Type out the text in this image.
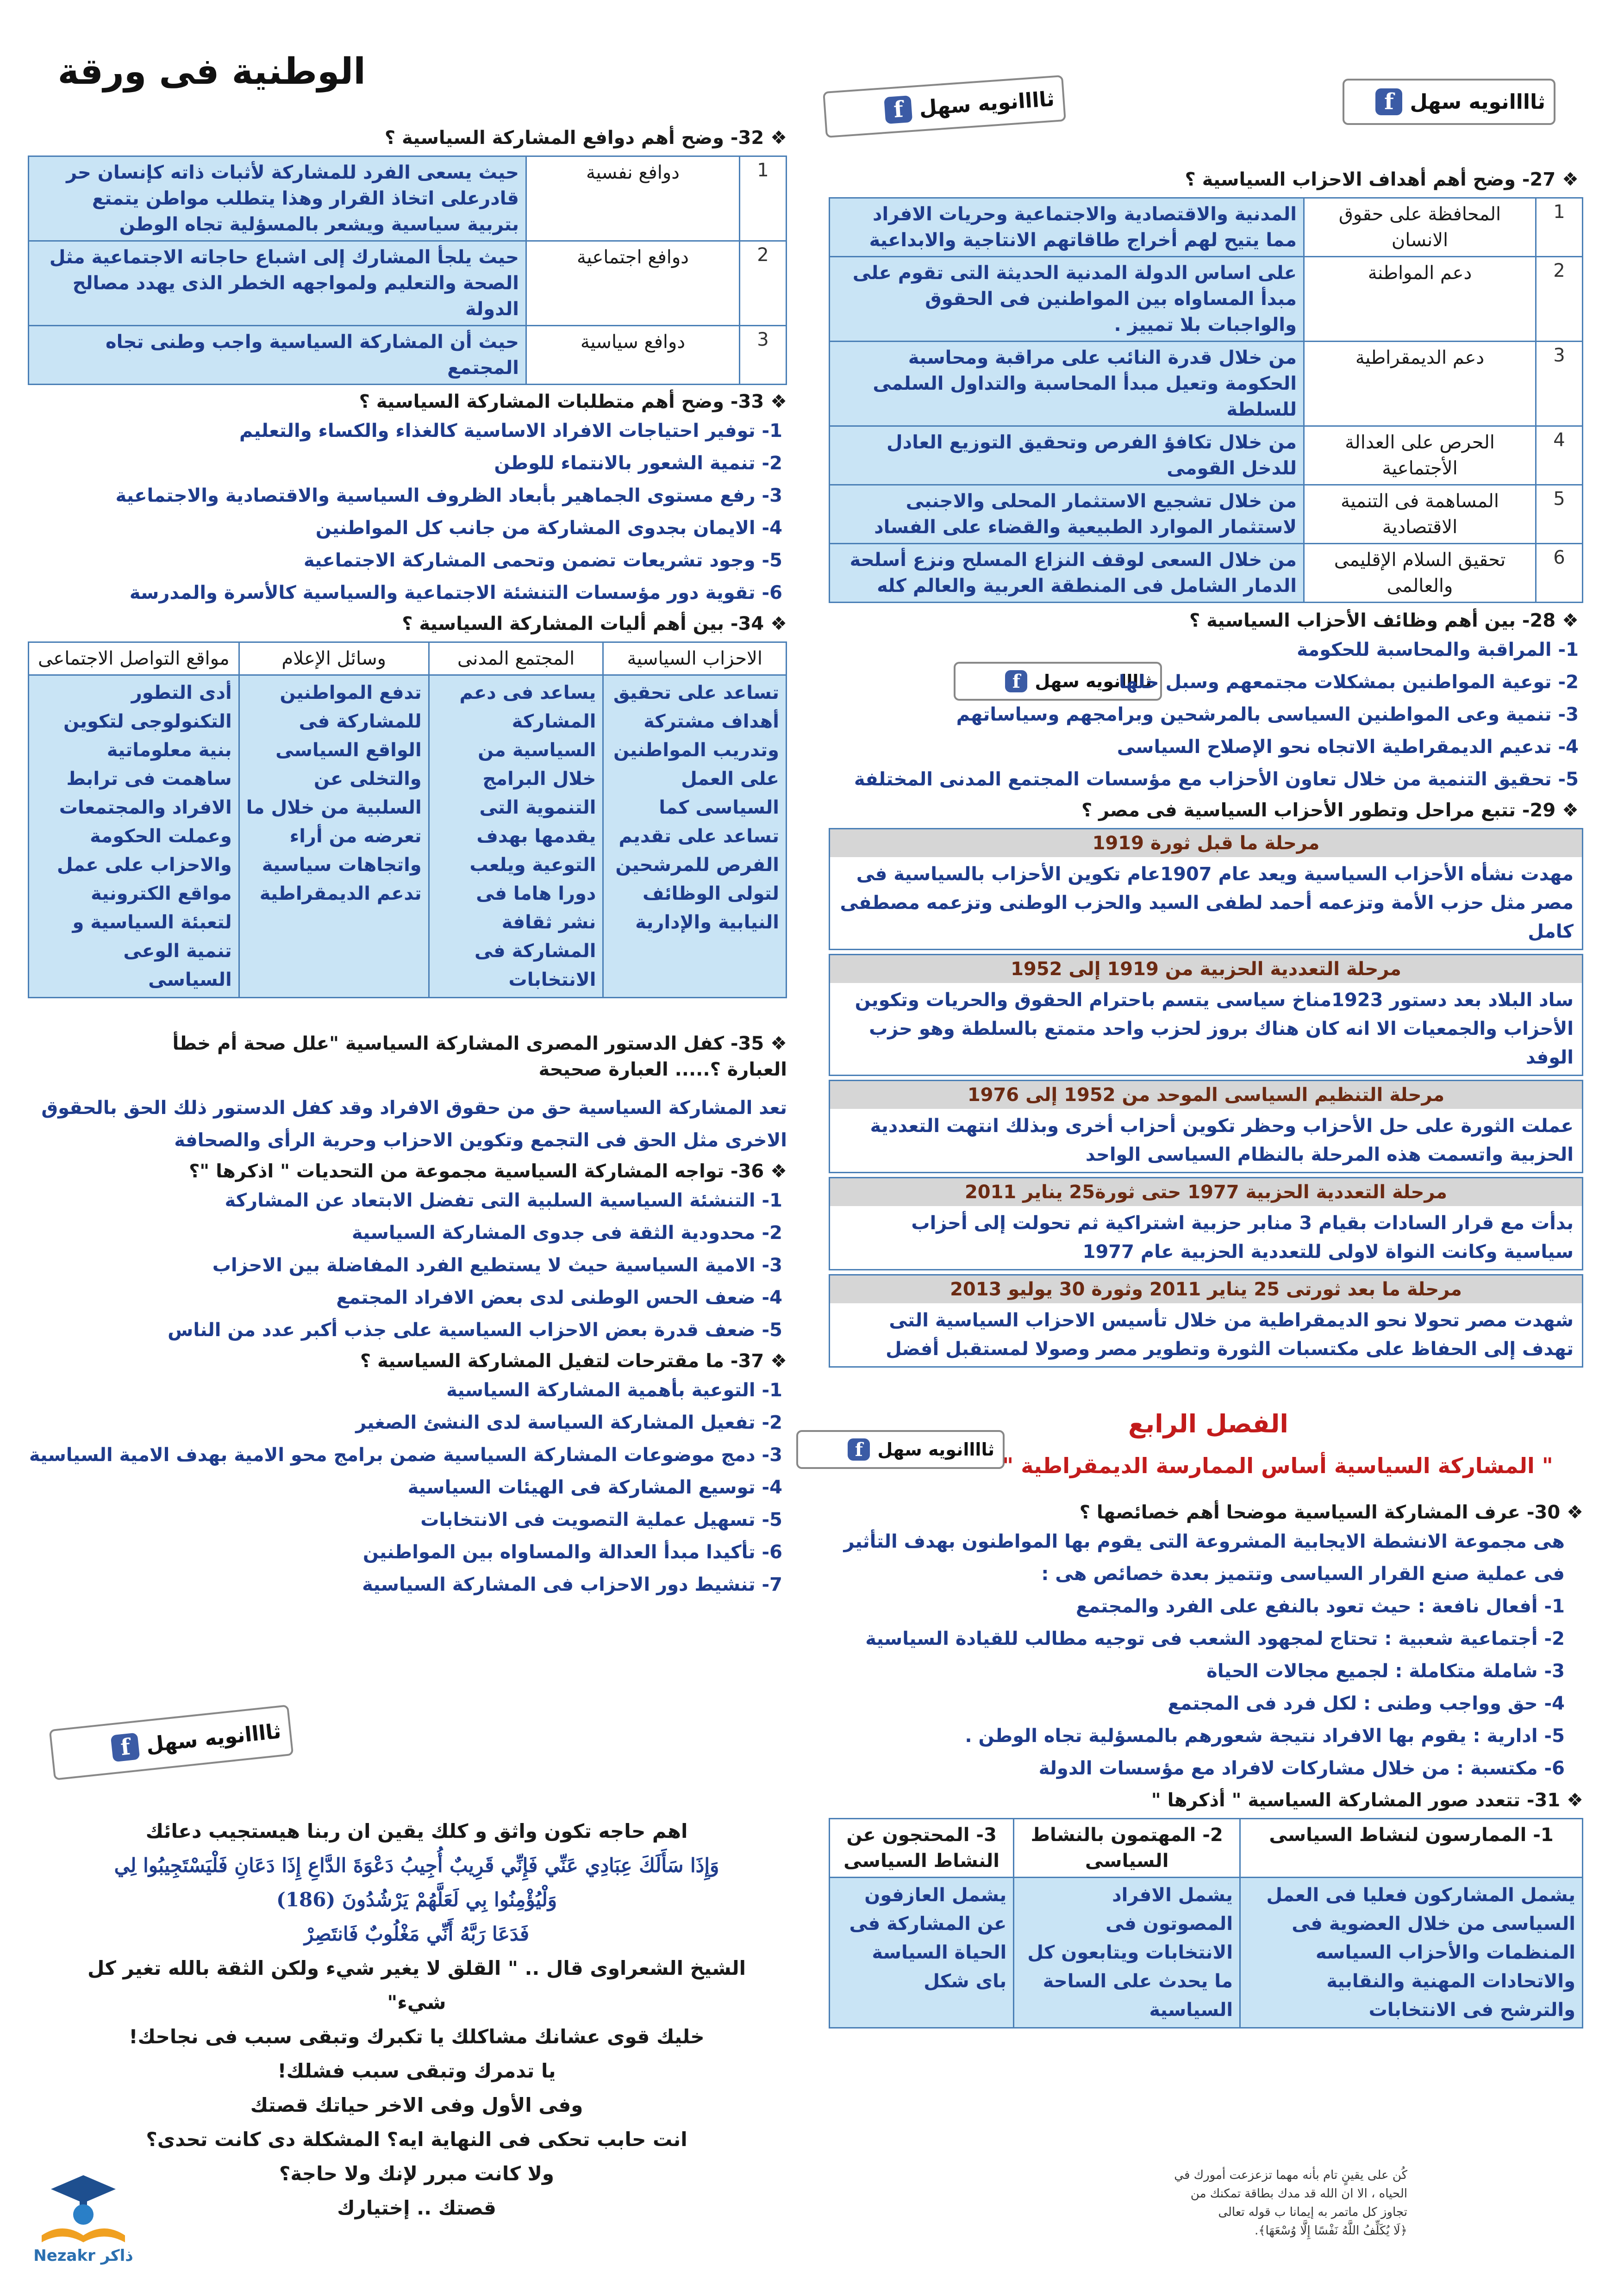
الوطنية فى ورقة
ثاااانويه سهل
f
ثاااانويه سهل
f
ثاااانويه سهل
f
ثاااانويه سهل
f
ثاااانويه سهل
f

❖ 27- وضح أهم أهداف الاحزاب السياسية ؟

1	المحافظة على حقوق الانسان	المدنية والاقتصادية والاجتماعية وحريات الافراد مما يتيح لهم أخراج طاقاتهم الانتاجية والابداعية
2	دعم المواطنة	على اساس الدولة المدنية الحديثة التى تقوم على مبدأ المساواه بين المواطنين فى الحقوق والواجبات بلا تمييز .
3	دعم الديمقراطية	من خلال قدرة النائب على مراقبة ومحاسبة الحكومة وتعيل مبدأ المحاسبة والتداول السلمى للسلطة
4	الحرص على العدالة الأجتماعية	من خلال تكافؤ الفرص وتحقيق التوزيع العادل للدخل القومى
5	المساهمة فى التنمية الاقتصادية	من خلال تشجيع الاستثمار المحلى والاجنبى لاستثمار الموارد الطبيعية والقضاء على الفساد
6	تحقيق السلام الإقليمى والعالمى	من خلال السعى لوقف النزاع المسلح ونزع أسلحة الدمار الشامل فى المنطقة العربية والعالم كله

❖ 28- بين أهم وظائف الأحزاب السياسية ؟

1- المراقبة والمحاسبة للحكومة
2- توعية المواطنين بمشكلات مجتمعهم وسبل حلها
3- تنمية وعى المواطنين السياسى بالمرشحين وبرامجهم وسياساتهم
4- تدعيم الديمقراطية الاتجاه نحو الإصلاح السياسى
5- تحقيق التنمية من خلال تعاون الأحزاب مع مؤسسات المجتمع المدنى المختلفة

❖ 29- تتبع مراحل وتطور الأحزاب السياسية فى مصر ؟

مرحلة ما قبل ثورة 1919
مهدت نشأه الأحزاب السياسية ويعد عام 1907عام تكوين الأحزاب بالسياسية فى مصر مثل حزب الأمة وتزعمه أحمد لطفى السيد والحزب الوطنى وتزعمه مصطفى كامل
مرحلة التعددية الحزبية من 1919 إلى 1952
ساد البلاد بعد دستور 1923مناخ سياسى يتسم باحترام الحقوق والحريات وتكوين الأحزاب والجمعيات الا انه كان هناك بروز لحزب واحد متمتع بالسلطة وهو حزب الوفد
مرحلة التنظيم السياسى الموحد من 1952 إلى 1976
عملت الثورة على حل الأحزاب وحظر تكوين أحزاب أخرى وبذلك انتهت التعددية الحزبية واتسمت هذه المرحلة بالنظام السياسى الواحد
مرحلة التعددية الحزبية 1977 حتى ثورة25 يناير 2011
بدأت مع قرار السادات بقيام 3 منابر حزبية اشتراكية ثم تحولت إلى أحزاب سياسية وكانت النواة لاولى للتعددية الحزبية عام 1977
مرحلة ما بعد ثورتى 25 يناير 2011 وثورة 30 يوليو 2013
شهدت مصر تحولا نحو الديمقراطية من خلال تأسيس الاحزاب السياسية التى تهدف إلى الحفاظ على مكتسبات الثورة وتطوير مصر وصولا لمستقبل أفضل
الفصل الرابع
" المشاركة السياسية أساس الممارسة الديمقراطية "

❖ 30- عرف المشاركة السياسية موضحا أهم خصائصها ؟

هى مجموعة الانشطة الايجابية المشروعة التى يقوم بها المواطنون بهدف التأثير فى عملية صنع القرار السياسى وتتميز بعدة خصائص هى :
1- أفعال نافعة : حيث تعود بالنفع على الفرد والمجتمع
2- أجتماعية شعبية : تحتاج لمجهود الشعب فى توجيه مطالب للقيادة السياسية
3- شاملة متكاملة : لجميع مجالات الحياة
4- حق وواجب وطنى : لكل فرد فى المجتمع
5- ادارية : يقوم بها الافراد نتيجة شعورهم بالمسؤلية تجاه الوطن .
6- مكتسبة : من خلال مشاركات لافراد مع مؤسسات الدولة

❖ 31- تتعدد صور المشاركة السياسية " أذكرها "

1- الممارسون لنشاط السياسى	2- المهتمون بالنشاط السياسى	3- المحتجون عن النشاط السياسى
يشمل المشاركون فعليا فى العمل السياسى من خلال العضوية فى المنظمات والأحزاب السياسه والاتحادات المهنية والنقابية والترشح فى الانتخابات	يشمل الافراد المصوتون فى الانتخابات ويتابعون كل ما يحدث على الساحة السياسية	يشمل العازفون عن المشاركة فى الحياة السياسة باى شكل
كُن على يقينٍ تام بأنه مهما تزعزعت أمورك في
الحياه ، الا ان الله قد مدك بطاقة تمكنك من
تجاوز كل ماتمر به إيمانا ب قوله تعالى
﴿لَا يُكَلِّفُ اللَّهُ نَفْسًا إِلَّا وُسْعَهَا﴾.

❖ 32- وضح أهم دوافع المشاركة السياسية ؟

1	دوافع نفسية	حيث يسعى الفرد للمشاركة لأثبات ذاته كإنسان حر قادرعلى اتخاذ القرار وهذا يتطلب مواطن يتمتع بتربية سياسية ويشعر بالمسؤلية تجاه الوطن
2	دوافع اجتماعية	حيث يلجأ المشارك إلى اشباع حاجاته الاجتماعية مثل الصحة والتعليم ولمواجهه الخطر الذى يهدد مصالح الدولة
3	دوافع سياسية	حيث أن المشاركة السياسية واجب وطنى تجاه المجتمع

❖ 33- وضح أهم متطلبات المشاركة السياسية ؟

1- توفير احتياجات الافراد الاساسية كالغذاء والكساء والتعليم
2- تنمية الشعور بالانتماء للوطن
3- رفع مستوى الجماهير بأبعاد الظروف السياسية والاقتصادية والاجتماعية
4- الايمان بجدوى المشاركة من جانب كل المواطنين
5- وجود تشريعات تضمن وتحمى المشاركة الاجتماعية
6- تقوية دور مؤسسات التنشئة الاجتماعية والسياسية كالأسرة والمدرسة

❖ 34- بين أهم أليات المشاركة السياسية ؟

الاحزاب السياسية	المجتمع المدنى	وسائل الإعلام	مواقع التواصل الاجتماعى
تساعد على تحقيق أهداف مشتركة وتدريب المواطنين على العمل السياسى كما تساعد على تقديم الفرص للمرشحين لتولى الوظائف النيابية والإدارية	يساعد فى دعم المشاركة السياسية من خلال البرامج التنموية التى يقدمها بهدف التوعية ويلعب دورا هاما فى نشر ثقافة المشاركة فى الانتخابات	تدفع المواطنين للمشاركة فى الواقع السياسى والتخلى عن السلبية من خلال ما تعرضه من أراء واتجاهات سياسية تدعم الديمقراطية	أدى التطور التكنولوجى لتكوين بنية معلوماتية ساهمت فى ترابط الافراد والمجتمعات وعملت الحكومة والاحزاب على عمل مواقع الكترونية لتعبئة السياسية و تنمية الوعى السياسى

❖ 35- كفل الدستور المصرى المشاركة السياسية "علل صحة أم خطأ العبارة ؟..... العبارة صحيحة

تعد المشاركة السياسية حق من حقوق الافراد وقد كفل الدستور ذلك الحق بالحقوق الاخرى مثل الحق فى التجمع وتكوين الاحزاب وحرية الرأى والصحافة

❖ 36- تواجه المشاركة السياسية مجموعة من التحديات " اذكرها "؟

1- التنشئة السياسية السلبية التى تفضل الابتعاد عن المشاركة
2- محدودية الثقة فى جدوى المشاركة السياسية
3- الامية السياسية حيث لا يستطيع الفرد المفاضلة بين الاحزاب
4- ضعف الحس الوطنى لدى بعض الافراد المجتمع
5- ضعف قدرة بعض الاحزاب السياسية على جذب أكبر عدد من الناس

❖ 37- ما مقترحات لتفيل المشاركة السياسية ؟

1- التوعية بأهمية المشاركة السياسية
2- تفعيل المشاركة السياسة لدى النشئ الصغير
3- دمج موضوعات المشاركة السياسية ضمن برامج محو الامية بهدف الامية السياسية
4- توسيع المشاركة فى الهيئات السياسية
5- تسهيل عملية التصويت فى الانتخابات
6- تأكيدا مبدأ العدالة والمساواه بين المواطنين
7- تنشيط دور الاحزاب فى المشاركة السياسية
اهم حاجه تكون واثق و كلك يقين ان ربنا هيستجيب دعائك
وَإِذَا سَأَلَكَ عِبَادِي عَنِّي فَإِنِّي قَرِيبٌ أُجِيبُ دَعْوَةَ الدَّاعِ إِذَا دَعَانِ فَلْيَسْتَجِيبُوا لِي
وَلْيُؤْمِنُوا بِي لَعَلَّهُمْ يَرْشُدُونَ (186)
فَدَعَا رَبَّهُ أَنِّي مَغْلُوبٌ فَانتَصِرْ
الشيخ الشعراوى قال .. " القلق لا يغير شيء ولكن الثقة بالله تغير كل شيء"
خليك قوى عشانك مشاكلك يا تكبرك وتبقى سبب فى نجاحك!
يا تدمرك وتبقى سبب فشلك!
وفى الأول وفى الاخر حياتك قصتك
انت حابب تحكى فى النهاية ايه؟ المشكلة دى كانت تحدى؟
ولا كانت مبرر لإنك ولا حاجة؟
قصتك .. إختيارك
Nezakr ذاكر
